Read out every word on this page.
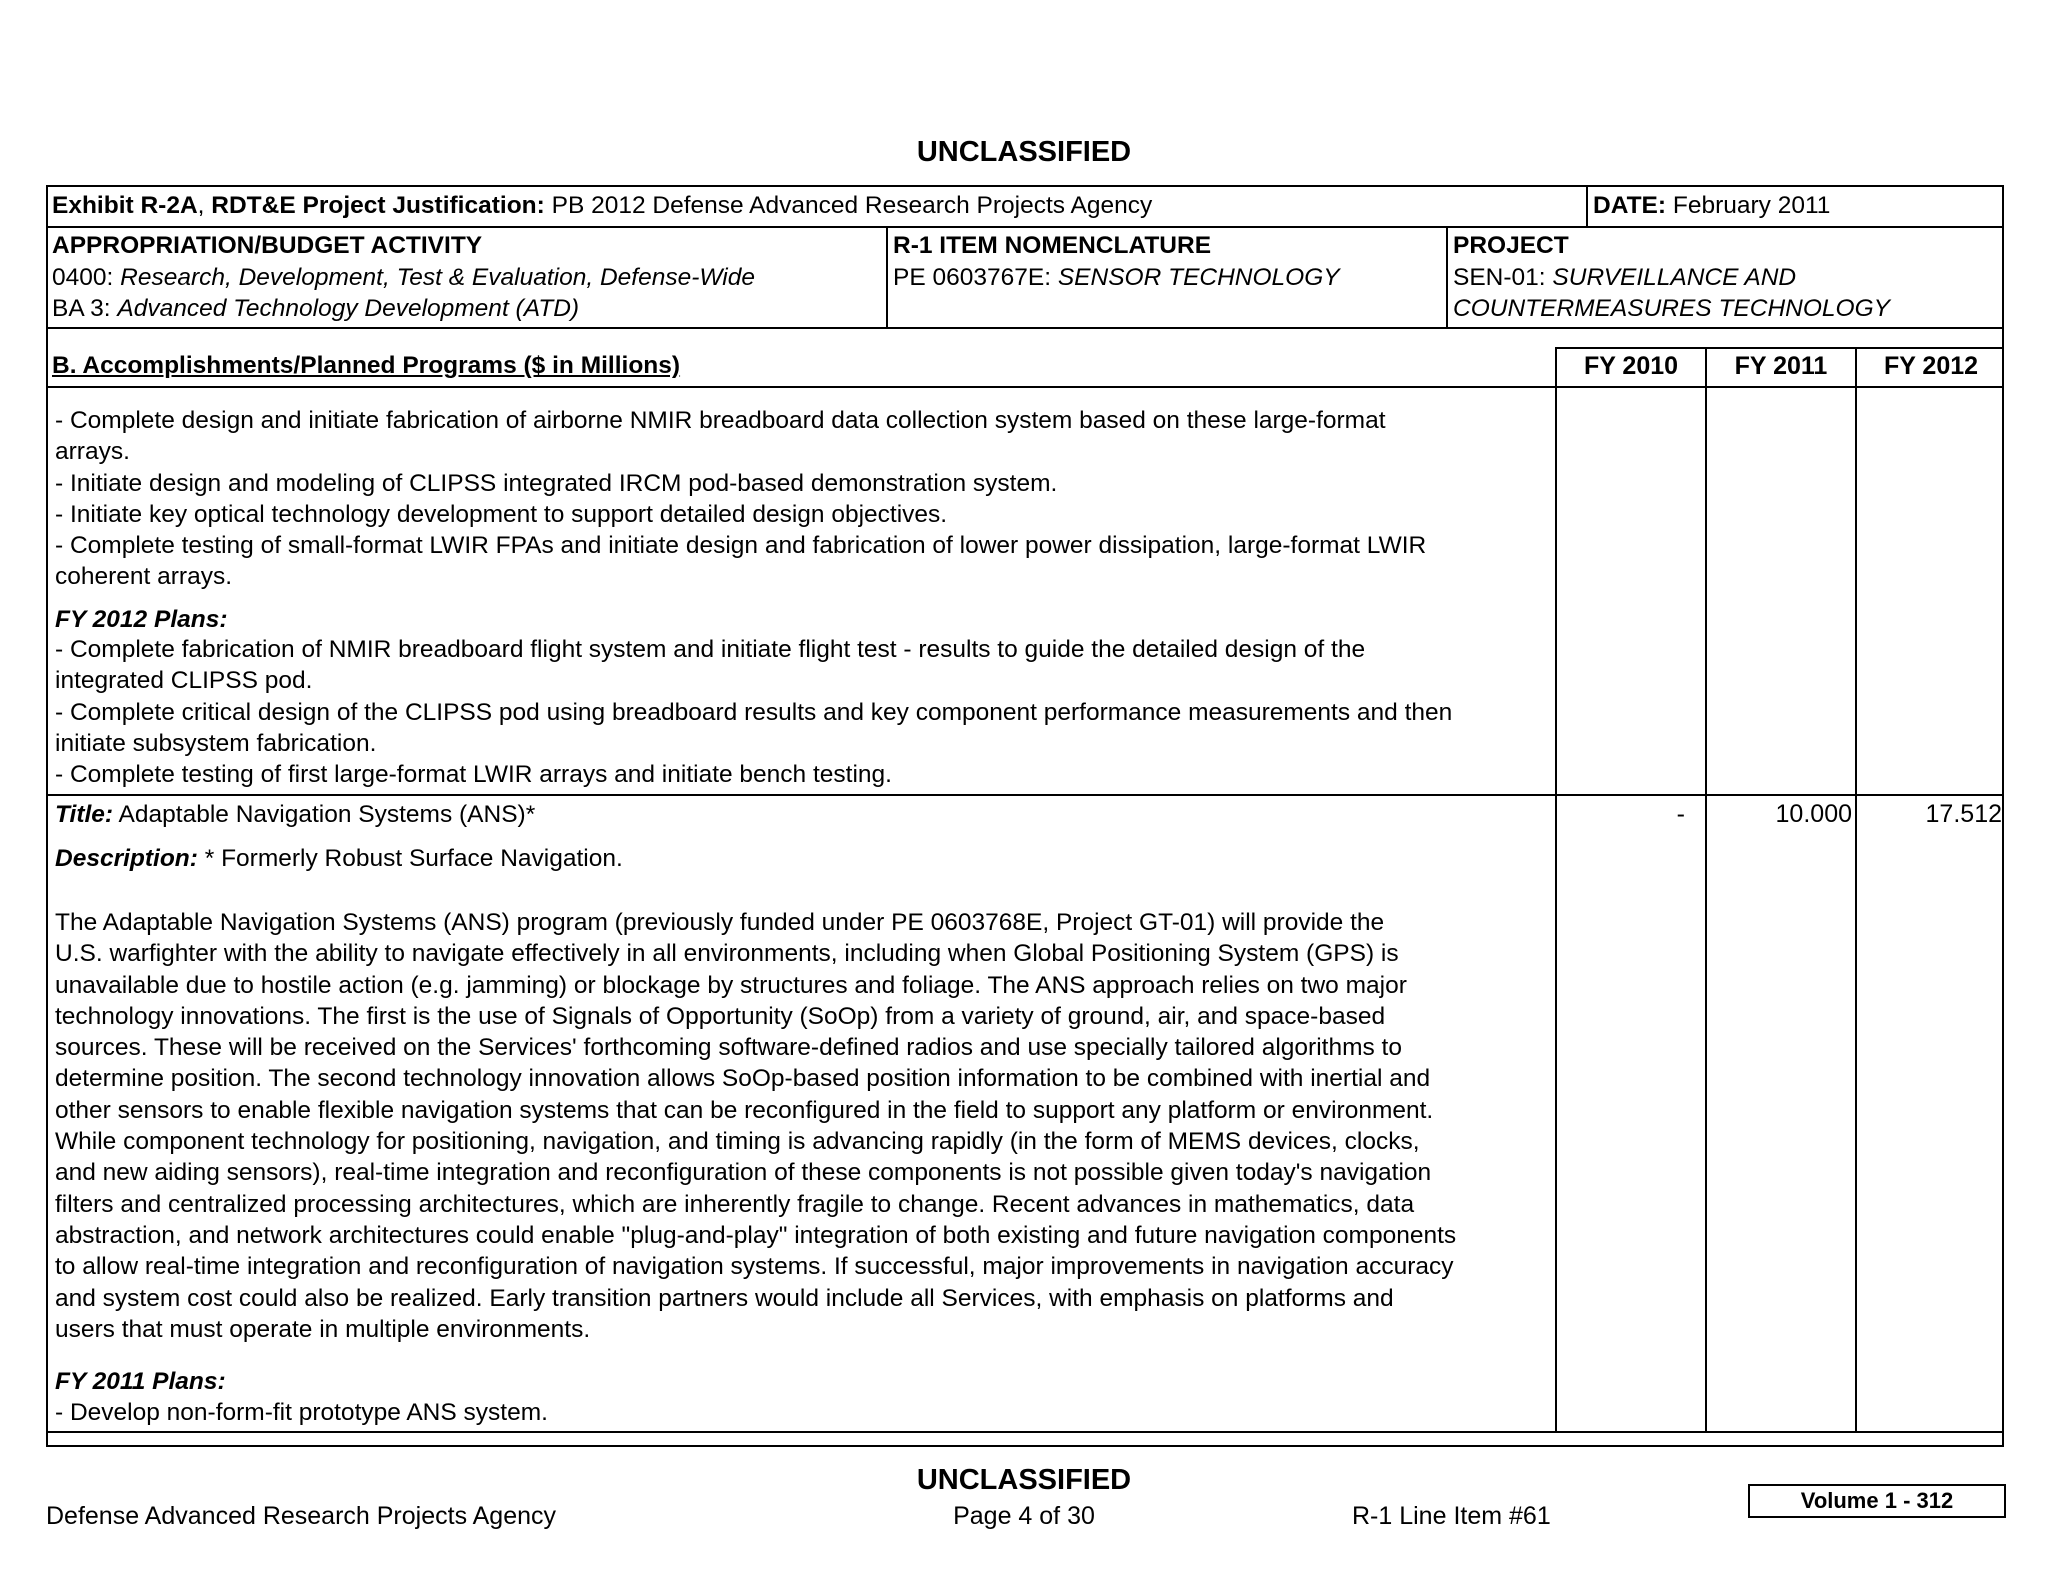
UNCLASSIFIED
Exhibit R-2A, RDT&E Project Justification: PB 2012 Defense Advanced Research Projects Agency	DATE: February 2011
APPROPRIATION/BUDGET ACTIVITY
0400: Research, Development, Test & Evaluation, Defense-Wide
BA 3: Advanced Technology Development (ATD)
R-1 ITEM NOMENCLATURE
PE 0603767E: SENSOR TECHNOLOGY
PROJECT
SEN-01: SURVEILLANCE AND
COUNTERMEASURES TECHNOLOGY
B. Accomplishments/Planned Programs ($ in Millions)	FY 2010	FY 2011	FY 2012
- Complete design and initiate fabrication of airborne NMIR breadboard data collection system based on these large-format
arrays.
- Initiate design and modeling of CLIPSS integrated IRCM pod-based demonstration system.
- Initiate key optical technology development to support detailed design objectives.
- Complete testing of small-format LWIR FPAs and initiate design and fabrication of lower power dissipation, large-format LWIR
coherent arrays.
FY 2012 Plans:
- Complete fabrication of NMIR breadboard flight system and initiate flight test - results to guide the detailed design of the
integrated CLIPSS pod.
- Complete critical design of the CLIPSS pod using breadboard results and key component performance measurements and then
initiate subsystem fabrication.
- Complete testing of first large-format LWIR arrays and initiate bench testing.
Title: Adaptable Navigation Systems (ANS)*	-	10.000	17.512
Description: * Formerly Robust Surface Navigation.
The Adaptable Navigation Systems (ANS) program (previously funded under PE 0603768E, Project GT-01) will provide the
U.S. warfighter with the ability to navigate effectively in all environments, including when Global Positioning System (GPS) is
unavailable due to hostile action (e.g. jamming) or blockage by structures and foliage. The ANS approach relies on two major
technology innovations. The first is the use of Signals of Opportunity (SoOp) from a variety of ground, air, and space-based
sources. These will be received on the Services' forthcoming software-defined radios and use specially tailored algorithms to
determine position. The second technology innovation allows SoOp-based position information to be combined with inertial and
other sensors to enable flexible navigation systems that can be reconfigured in the field to support any platform or environment.
While component technology for positioning, navigation, and timing is advancing rapidly (in the form of MEMS devices, clocks,
and new aiding sensors), real-time integration and reconfiguration of these components is not possible given today's navigation
filters and centralized processing architectures, which are inherently fragile to change. Recent advances in mathematics, data
abstraction, and network architectures could enable "plug-and-play" integration of both existing and future navigation components
to allow real-time integration and reconfiguration of navigation systems. If successful, major improvements in navigation accuracy
and system cost could also be realized. Early transition partners would include all Services, with emphasis on platforms and
users that must operate in multiple environments.
FY 2011 Plans:
- Develop non-form-fit prototype ANS system.
UNCLASSIFIED
Defense Advanced Research Projects Agency	Page 4 of 30	R-1 Line Item #61
Volume 1 - 312
